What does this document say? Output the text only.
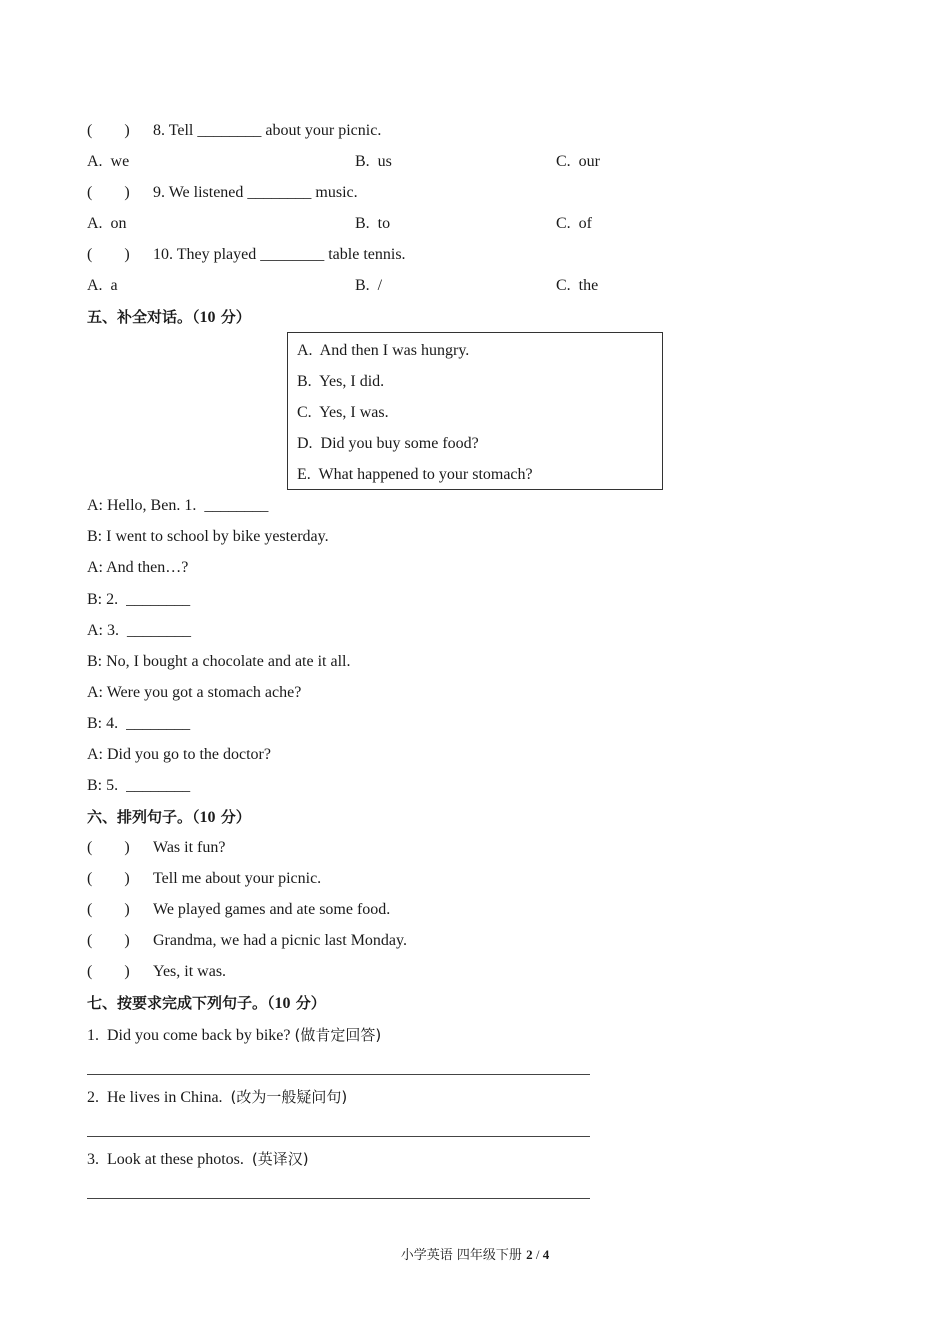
(　　) 8. Tell ________ about your picnic.
A.  we	B.  us	C.  our
(　　) 9. We listened ________ music.
A.  on	B.  to	C.  of
(　　) 10. They played ________ table tennis.
A.  a	B.  /	C.  the
五、补全对话。（10 分）
A.  And then I was hungry.
B.  Yes, I did.
C.  Yes, I was.
D.  Did you buy some food?
E.  What happened to your stomach?
A: Hello, Ben. 1.  ________
B: I went to school by bike yesterday.
A: And then…?
B: 2.  ________
A: 3.  ________
B: No, I bought a chocolate and ate it all.
A: Were you got a stomach ache?
B: 4.  ________
A: Did you go to the doctor?
B: 5.  ________
六、排列句子。（10 分）
(　　) Was it fun?
(　　) Tell me about your picnic.
(　　) We played games and ate some food.
(　　) Grandma, we had a picnic last Monday.
(　　) Yes, it was.
七、按要求完成下列句子。（10 分）
1.  Did you come back by bike? (做肯定回答)
2.  He lives in China.  (改为一般疑问句)
3.  Look at these photos.  (英译汉)
小学英语 四年级下册 2 / 4
